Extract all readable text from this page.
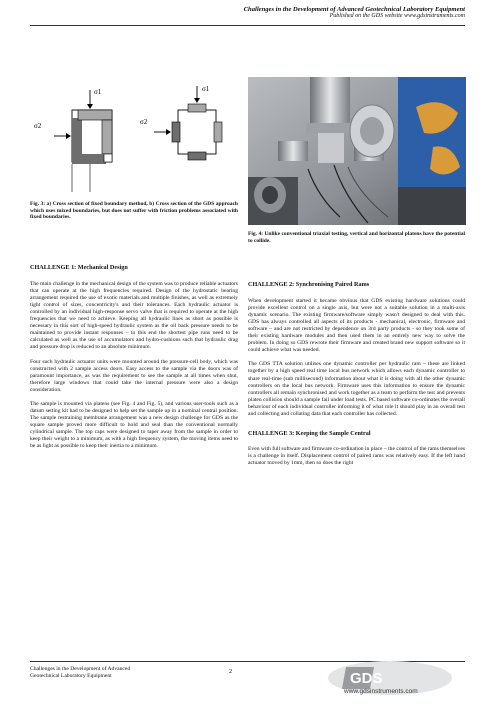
Challenges in the Development of Advanced Geotechnical Laboratory Equipment
Published on the GDS website www.gdsinstruments.com
σ1
σ2
σ1
σ2
Fig. 3: a) Cross section of fixed boundary method, b) Cross section of the GDS approach which uses mixed boundaries, but does not suffer with friction problems associated with fixed boundaries.
Fig. 4: Unlike conventional triaxial testing, vertical and horizontal platens have the potential to collide.
CHALLENGE 1: Mechanical Design

The main challenge in the mechanical design of the system was to produce reliable actuators that can operate at the high frequencies required. Design of the hydrostatic bearing arrangement required the use of exotic materials and multiple finishes, as well as extremely tight control of sizes, concentricity's and their tolerances. Each hydraulic actuator is controlled by an individual high-response servo valve that is required to operate at the high frequencies that we need to achieve. Keeping all hydraulic lines as short as possible is necessary in this sort of high-speed hydraulic system as the oil back pressure needs to be maintained to provide instant responses – to this end the shortest pipe runs need to be calculated as well as the use of accumulators and hydro-cushions such that hydraulic drag and pressure drop is reduced to an absolute minimum.

Four such hydraulic actuator units were mounted around the pressure-cell body, which was constructed with 2 sample access doors. Easy access to the sample via the doors was of paramount importance, as was the requirement to see the sample at all times when shut, therefore large windows that could take the internal pressure were also a design consideration.

The sample is mounted via platens (see Fig. 4 and Fig. 5), and various user-tools such as a datum setting kit had to be designed to help set the sample up in a nominal central position. The sample restraining membrane arrangement was a new design challenge for GDS as the square sample proved more difficult to hold and seal than the conventional normally cylindrical sample. The top caps were designed to taper away from the sample in order to keep their weight to a minimum, as with a high frequency system, the moving items need to be as light as possible to keep their inertia to a minimum.

CHALLENGE 2: Synchronising Paired Rams

When development started it became obvious that GDS existing hardware solutions could provide excellent control on a single axis, but were not a suitable solution in a multi-axis dynamic scenario. The existing firmware/software simply wasn't designed to deal with this. GDS has always controlled all aspects of its products - mechanical, electronic, firmware and software – and are not restricted by dependence on 3rd party products - so they took some of their existing hardware modules and then used them in an entirely new way to solve the problem. In doing so GDS rewrote their firmware and created brand new support software so it could achieve what was needed.

The GDS TTA solution utilises one dynamic controller per hydraulic ram – these are linked together by a high speed real time local bus network which allows each dynamic controller to share real-time (sub millisecond) information about what it is doing with all the other dynamic controllers on the local bus network. Firmware uses this information to ensure the dynamic controllers all remain synchronised and work together as a team to perform the test and prevents platen collision should a sample fail under load tests. PC based software co-ordinates the overall behaviour of each individual controller informing it of what role it should play in an overall test and collecting and collating data that each controller has collected.

CHALLENGE 3: Keeping the Sample Central

Even with full software and firmware co-ordination in place – the control of the rams themselves is a challenge in itself. Displacement control of paired rams was relatively easy. If the left hand actuator moved by 1mm, then so does the right

Challenges in the Development of Advanced
Geotechnical Laboratory Equipment
2	GDS
www.gdsinstruments.com
